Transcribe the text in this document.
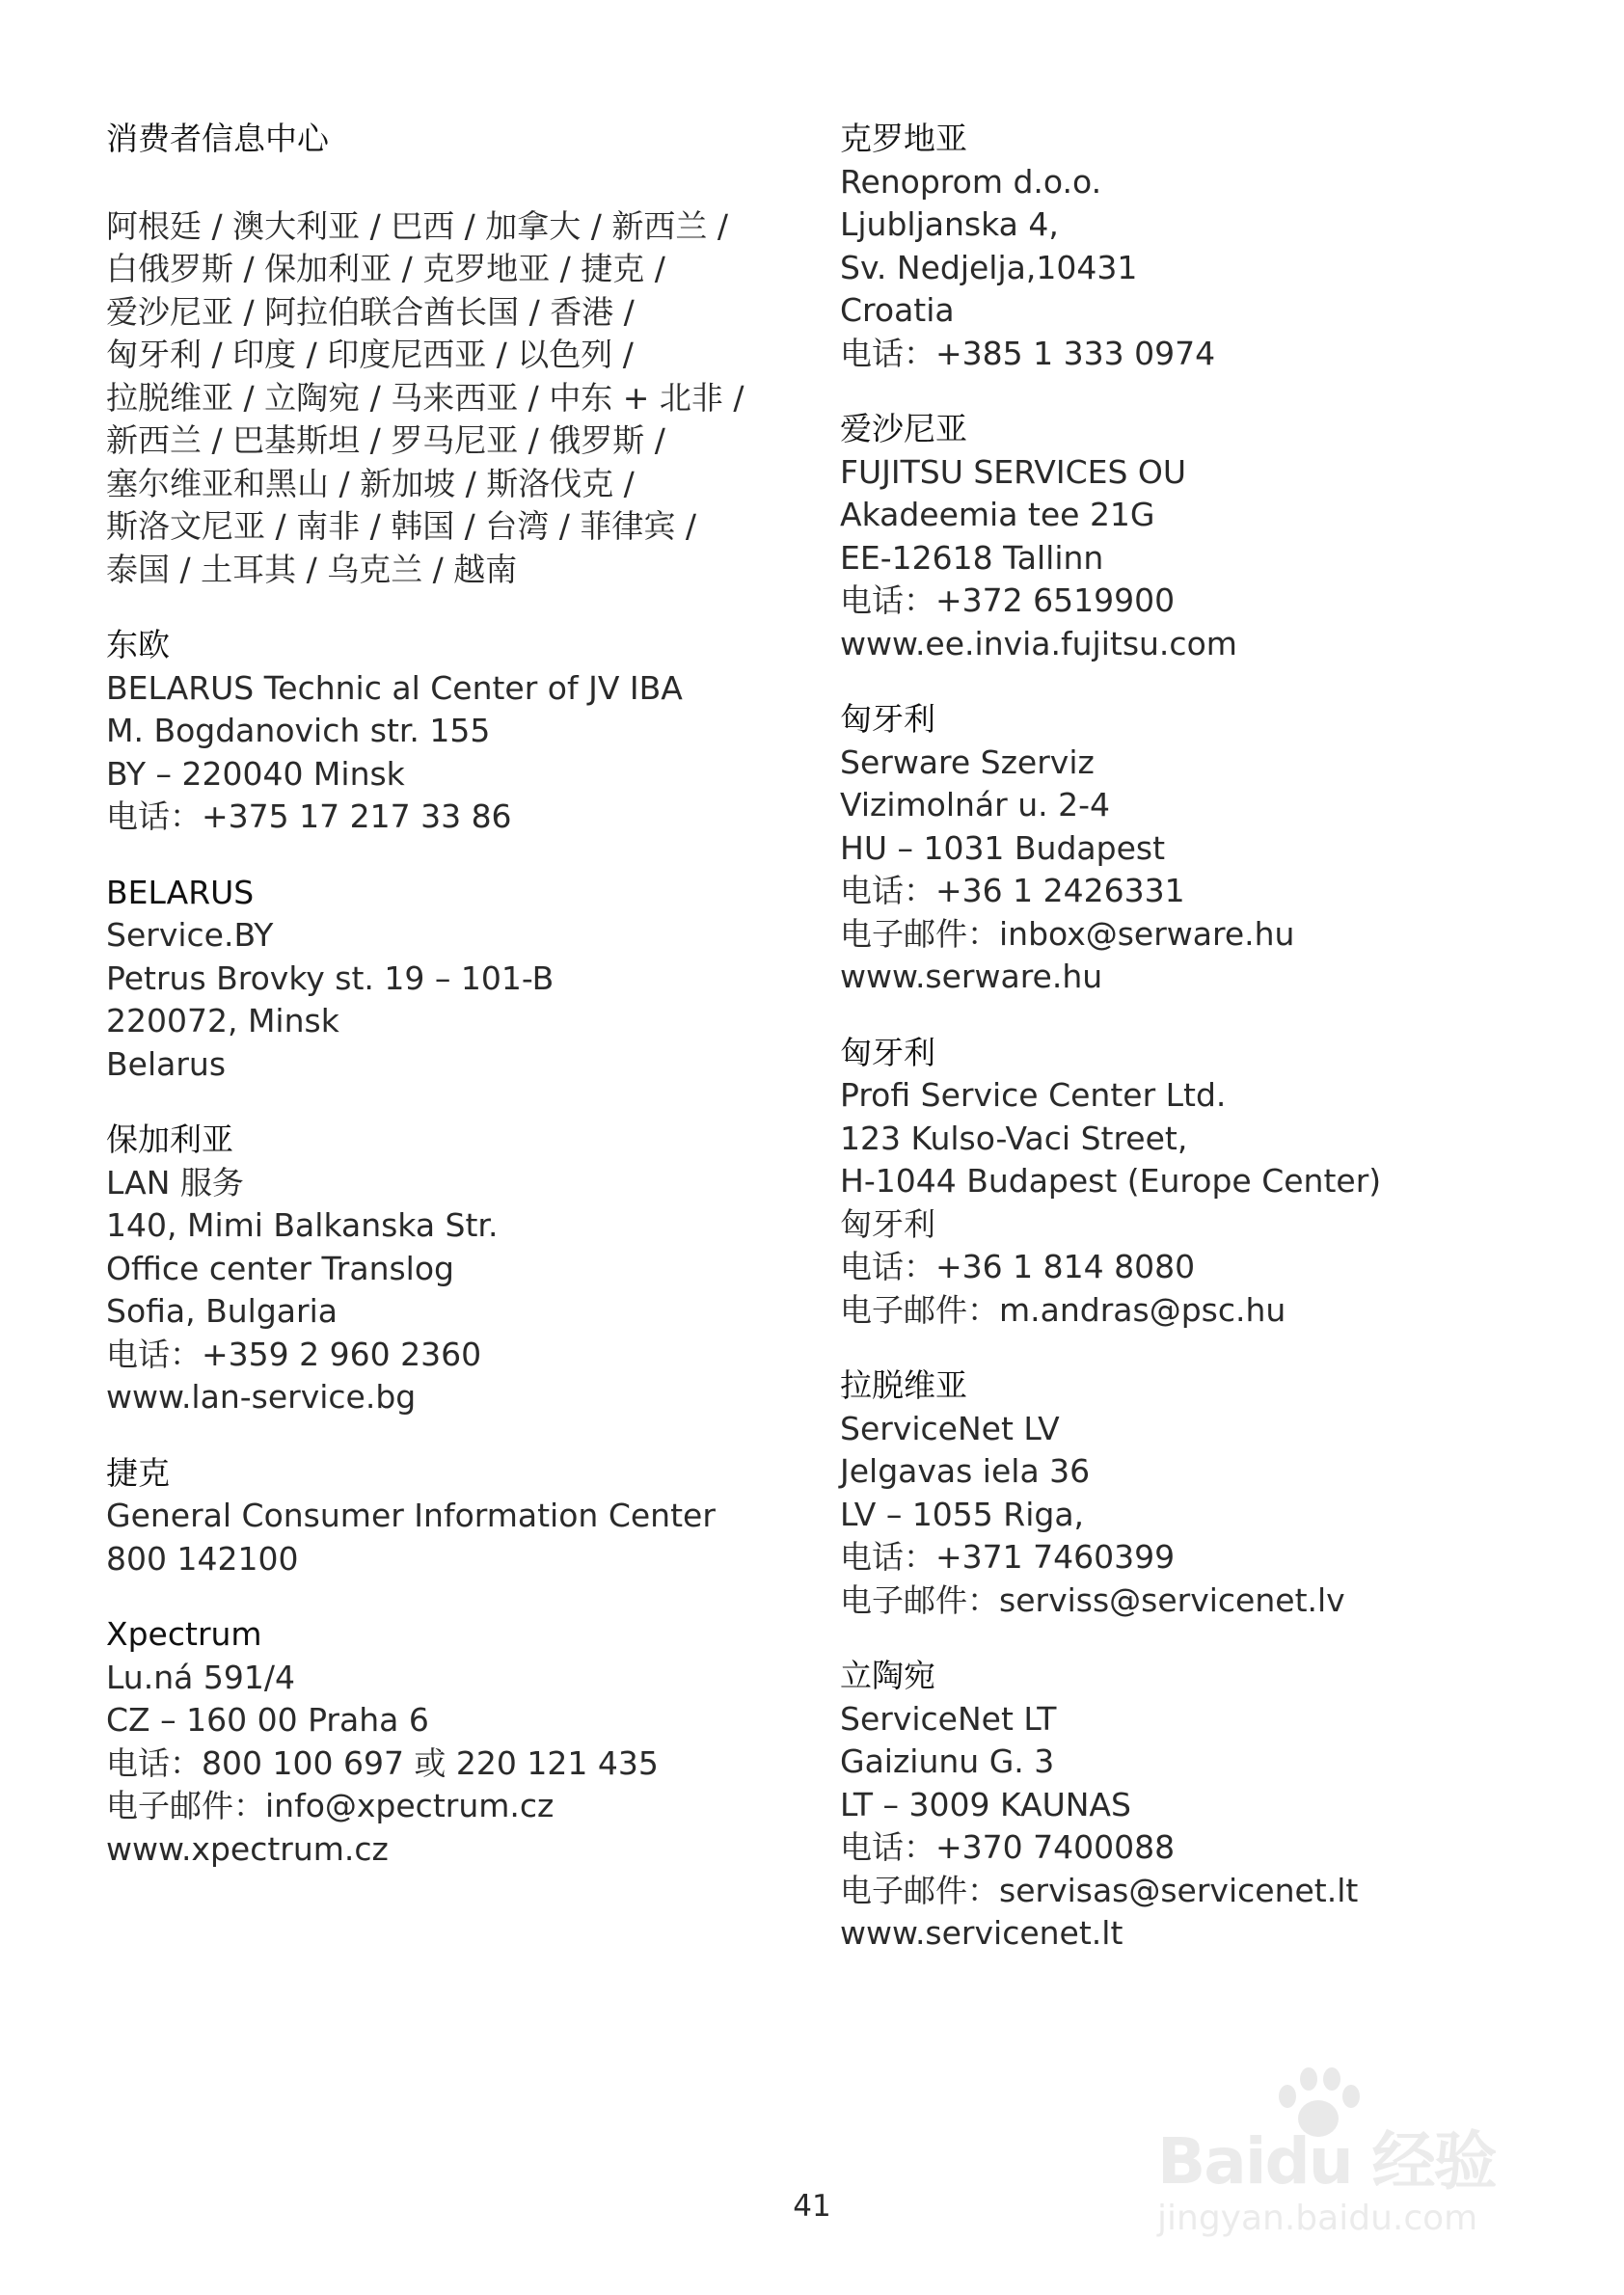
消费者信息中心

阿根廷 / 澳大利亚 / 巴西 / 加拿大 / 新西兰 /

白俄罗斯 / 保加利亚 / 克罗地亚 / 捷克 /

爱沙尼亚 / 阿拉伯联合酋长国 / 香港 /

匈牙利 / 印度 / 印度尼西亚 / 以色列 /

拉脱维亚 / 立陶宛 / 马来西亚 / 中东 + 北非 /

新西兰 / 巴基斯坦 / 罗马尼亚 / 俄罗斯 /

塞尔维亚和黑山 / 新加坡 / 斯洛伐克 /

斯洛文尼亚 / 南非 / 韩国 / 台湾 / 菲律宾 /

泰国 / 土耳其 / 乌克兰 / 越南

东欧

BELARUS Technic al Center of JV IBA

M. Bogdanovich str. 155

BY – 220040 Minsk

电话：+375 17 217 33 86

BELARUS

Service.BY

Petrus Brovky st. 19 – 101-B

220072, Minsk

Belarus

保加利亚

LAN 服务

140, Mimi Balkanska Str.

Office center Translog

Sofia, Bulgaria

电话：+359 2 960 2360

www.lan-service.bg

捷克

General Consumer Information Center

800 142100

Xpectrum

Lu.ná 591/4

CZ – 160 00 Praha 6

电话：800 100 697 或 220 121 435

电子邮件：info@xpectrum.cz

www.xpectrum.cz

克罗地亚

Renoprom d.o.o.

Ljubljanska 4,

Sv. Nedjelja,10431

Croatia

电话：+385 1 333 0974

爱沙尼亚

FUJITSU SERVICES OU

Akadeemia tee 21G

EE-12618 Tallinn

电话：+372 6519900

www.ee.invia.fujitsu.com

匈牙利

Serware Szerviz

Vizimolnár u. 2-4

HU – 1031 Budapest

电话：+36 1 2426331

电子邮件：inbox@serware.hu

www.serware.hu

匈牙利

Profi Service Center Ltd.

123 Kulso-Vaci Street,

H-1044 Budapest (Europe Center)

匈牙利

电话：+36 1 814 8080

电子邮件：m.andras@psc.hu

拉脱维亚

ServiceNet LV

Jelgavas iela 36

LV – 1055 Riga,

电话：+371 7460399

电子邮件：serviss@servicenet.lv

立陶宛

ServiceNet LT

Gaiziunu G. 3

LT – 3009 KAUNAS

电话：+370 7400088

电子邮件：servisas@servicenet.lt

www.servicenet.lt

41
Baidu 经验
jingyan.baidu.com
